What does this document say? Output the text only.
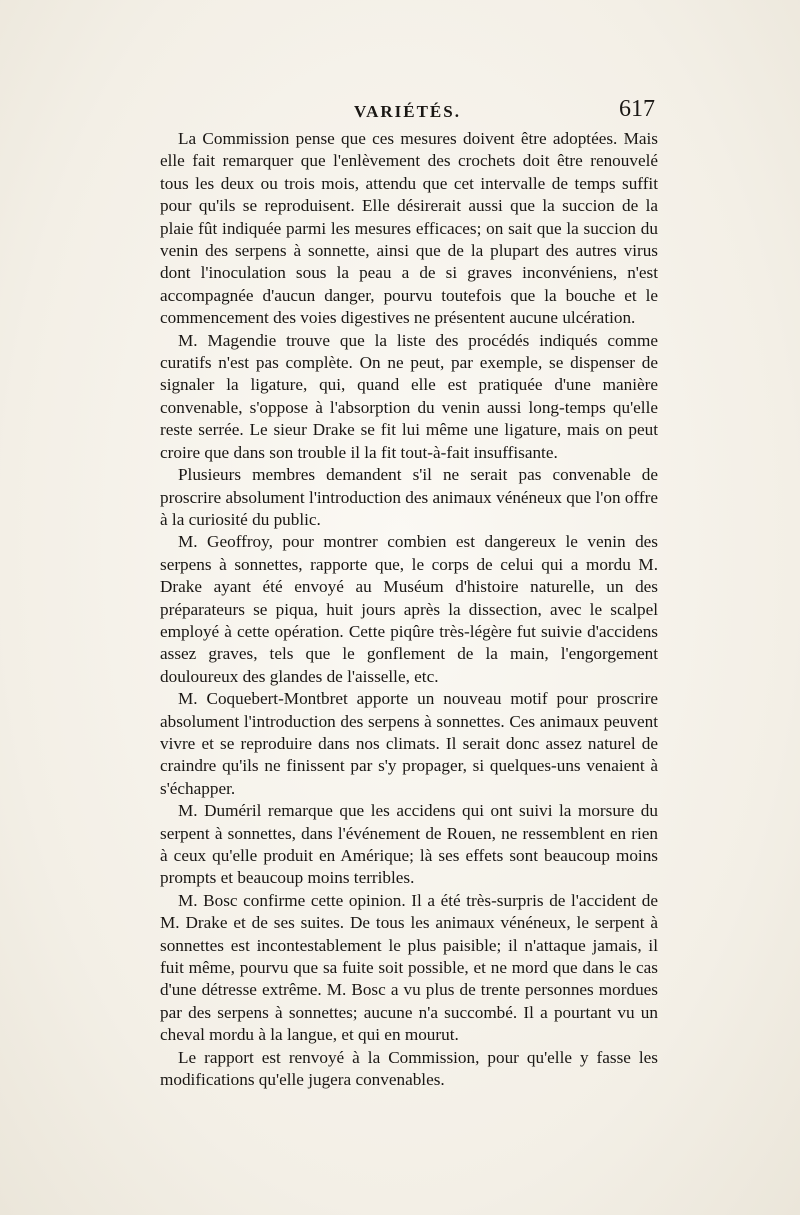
VARIÉTÉS.	617

La Commission pense que ces mesures doivent être adoptées. Mais elle fait remarquer que l'enlèvement des crochets doit être renouvelé tous les deux ou trois mois, attendu que cet intervalle de temps suffit pour qu'ils se reproduisent. Elle désirerait aussi que la succion de la plaie fût indiquée parmi les mesures efficaces; on sait que la succion du venin des serpens à sonnette, ainsi que de la plupart des autres virus dont l'inoculation sous la peau a de si graves inconvéniens, n'est accompagnée d'aucun danger, pourvu toutefois que la bouche et le commencement des voies digestives ne présentent aucune ulcération.

M. Magendie trouve que la liste des procédés indiqués comme curatifs n'est pas complète. On ne peut, par exemple, se dispenser de signaler la ligature, qui, quand elle est pratiquée d'une manière convenable, s'oppose à l'absorption du venin aussi long-temps qu'elle reste serrée. Le sieur Drake se fit lui même une ligature, mais on peut croire que dans son trouble il la fit tout-à-fait insuffisante.

Plusieurs membres demandent s'il ne serait pas convenable de proscrire absolument l'introduction des animaux vénéneux que l'on offre à la curiosité du public.

M. Geoffroy, pour montrer combien est dangereux le venin des serpens à sonnettes, rapporte que, le corps de celui qui a mordu M. Drake ayant été envoyé au Muséum d'histoire naturelle, un des préparateurs se piqua, huit jours après la dissection, avec le scalpel employé à cette opération. Cette piqûre très-légère fut suivie d'accidens assez graves, tels que le gonflement de la main, l'engorgement douloureux des glandes de l'aisselle, etc.

M. Coquebert-Montbret apporte un nouveau motif pour proscrire absolument l'introduction des serpens à sonnettes. Ces animaux peuvent vivre et se reproduire dans nos climats. Il serait donc assez naturel de craindre qu'ils ne finissent par s'y propager, si quelques-uns venaient à s'échapper.

M. Duméril remarque que les accidens qui ont suivi la morsure du serpent à sonnettes, dans l'événement de Rouen, ne ressemblent en rien à ceux qu'elle produit en Amérique; là ses effets sont beaucoup moins prompts et beaucoup moins terribles.

M. Bosc confirme cette opinion. Il a été très-surpris de l'accident de M. Drake et de ses suites. De tous les animaux vénéneux, le serpent à sonnettes est incontestablement le plus paisible; il n'attaque jamais, il fuit même, pourvu que sa fuite soit possible, et ne mord que dans le cas d'une détresse extrême. M. Bosc a vu plus de trente personnes mordues par des serpens à sonnettes; aucune n'a succombé. Il a pourtant vu un cheval mordu à la langue, et qui en mourut.

Le rapport est renvoyé à la Commission, pour qu'elle y fasse les modifications qu'elle jugera convenables.
